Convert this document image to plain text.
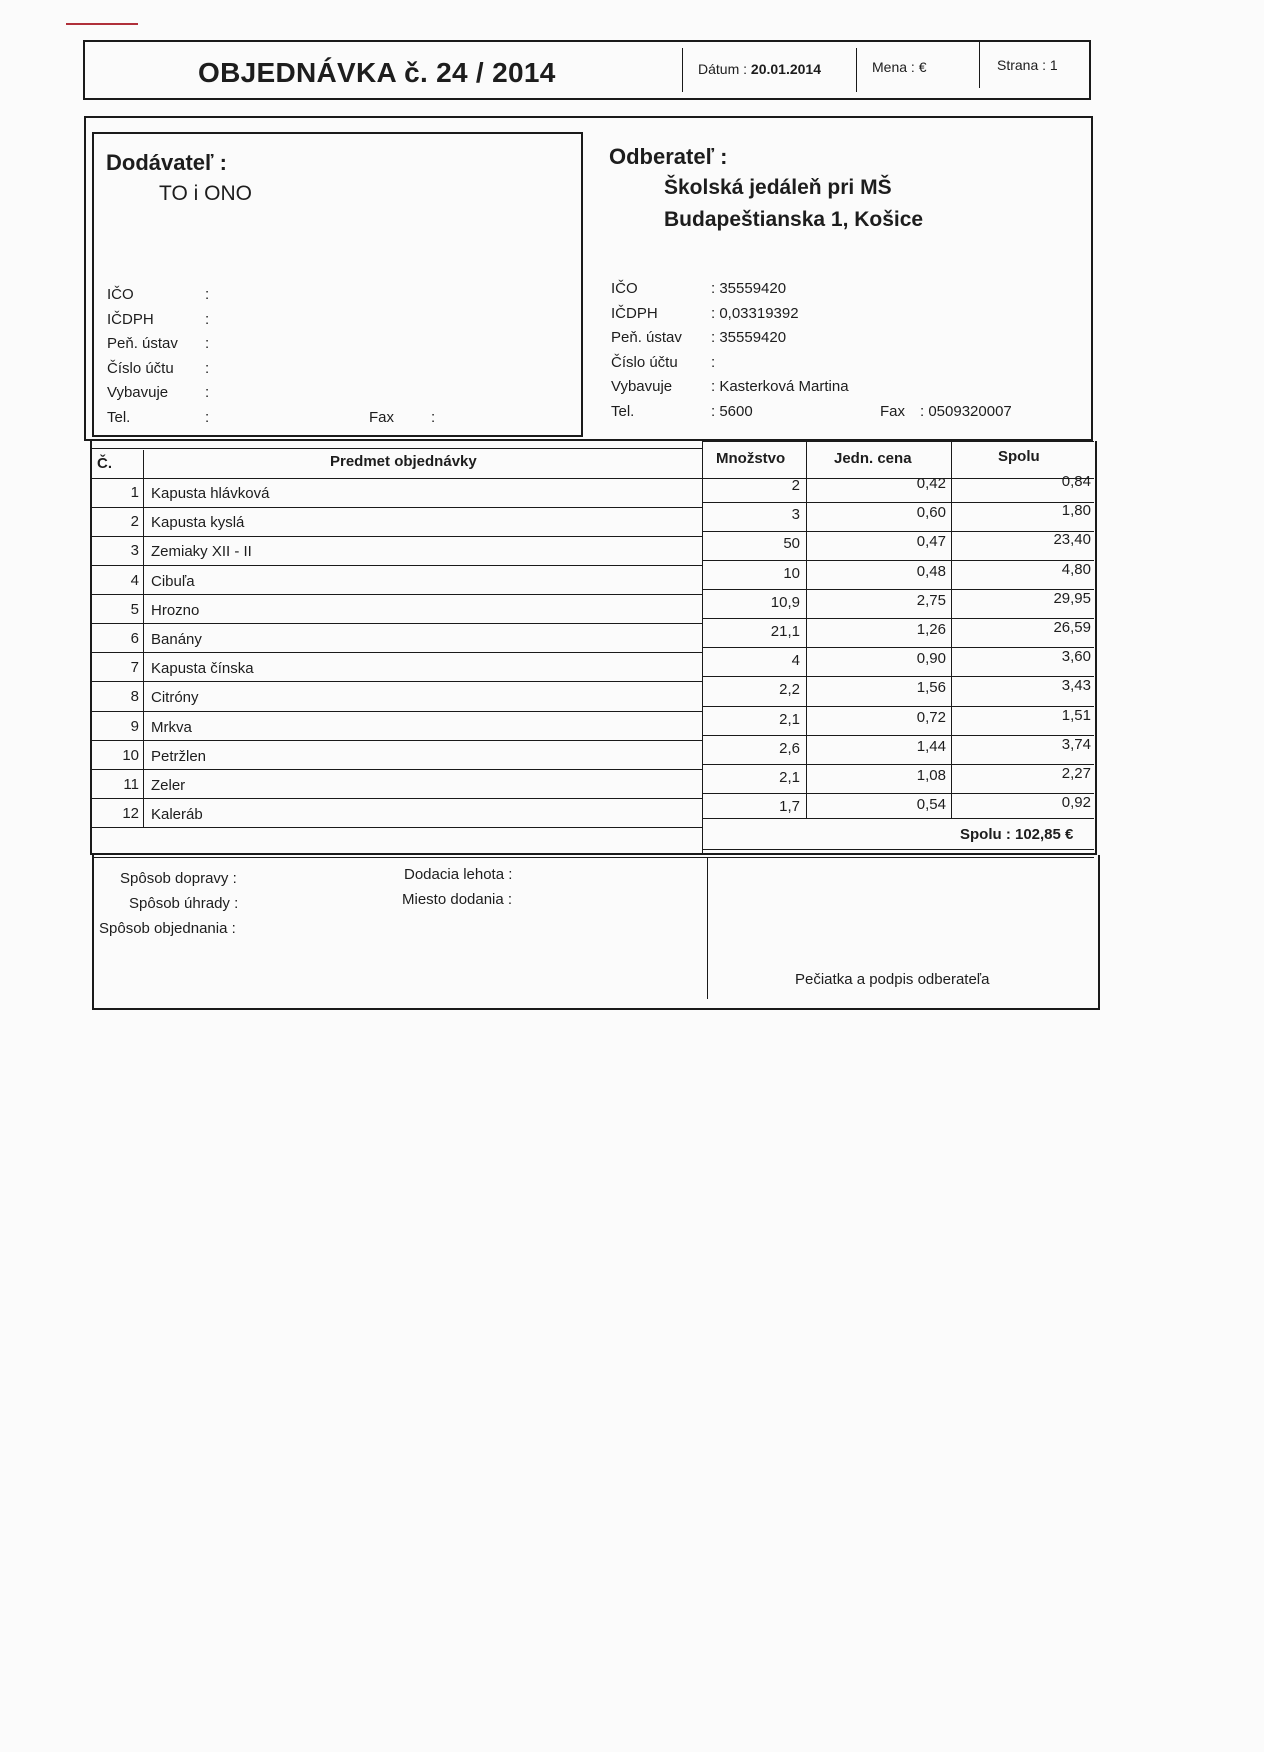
OBJEDNÁVKA č. 24 / 2014	Dátum : 20.01.2014	Mena : €	Strana : 1
Dodávateľ :
TO i ONO
IČO	:
IČDPH	:
Peň. ústav :
Číslo účtu :
Vybavuje :
Tel.	:	Fax :
Odberateľ :
Školská jedáleň pri MŠ
Budapeštianska 1, Košice
IČO	: 35559420
IČDPH	: 0,03319392
Peň. ústav : 35559420
Číslo účtu :
Vybavuje	: Kasterková Martina
Tel.	: 5600	Fax : 0509320007
Č.	Predmet objednávky	Množstvo	Jedn. cena	Spolu
1 Kapusta hlávková	2	0,42	0,84
2 Kapusta kyslá	3	0,60	1,80
3 Zemiaky XII - II	50	0,47	23,40
4 Cibuľa	10	0,48	4,80
5 Hrozno	10,9	2,75	29,95
6 Banány	21,1	1,26	26,59
7 Kapusta čínska	4	0,90	3,60
8 Citróny	2,2	1,56	3,43
9 Mrkva	2,1	0,72	1,51
10 Petržlen	2,6	1,44	3,74
11 Zeler	2,1	1,08	2,27
12 Kaleráb	1,7	0,54	0,92
Spolu : 102,85 €
Spôsob dopravy :
Spôsob úhrady :
Spôsob objednania :
Dodacia lehota :
Miesto dodania :
Pečiatka a podpis odberateľa
